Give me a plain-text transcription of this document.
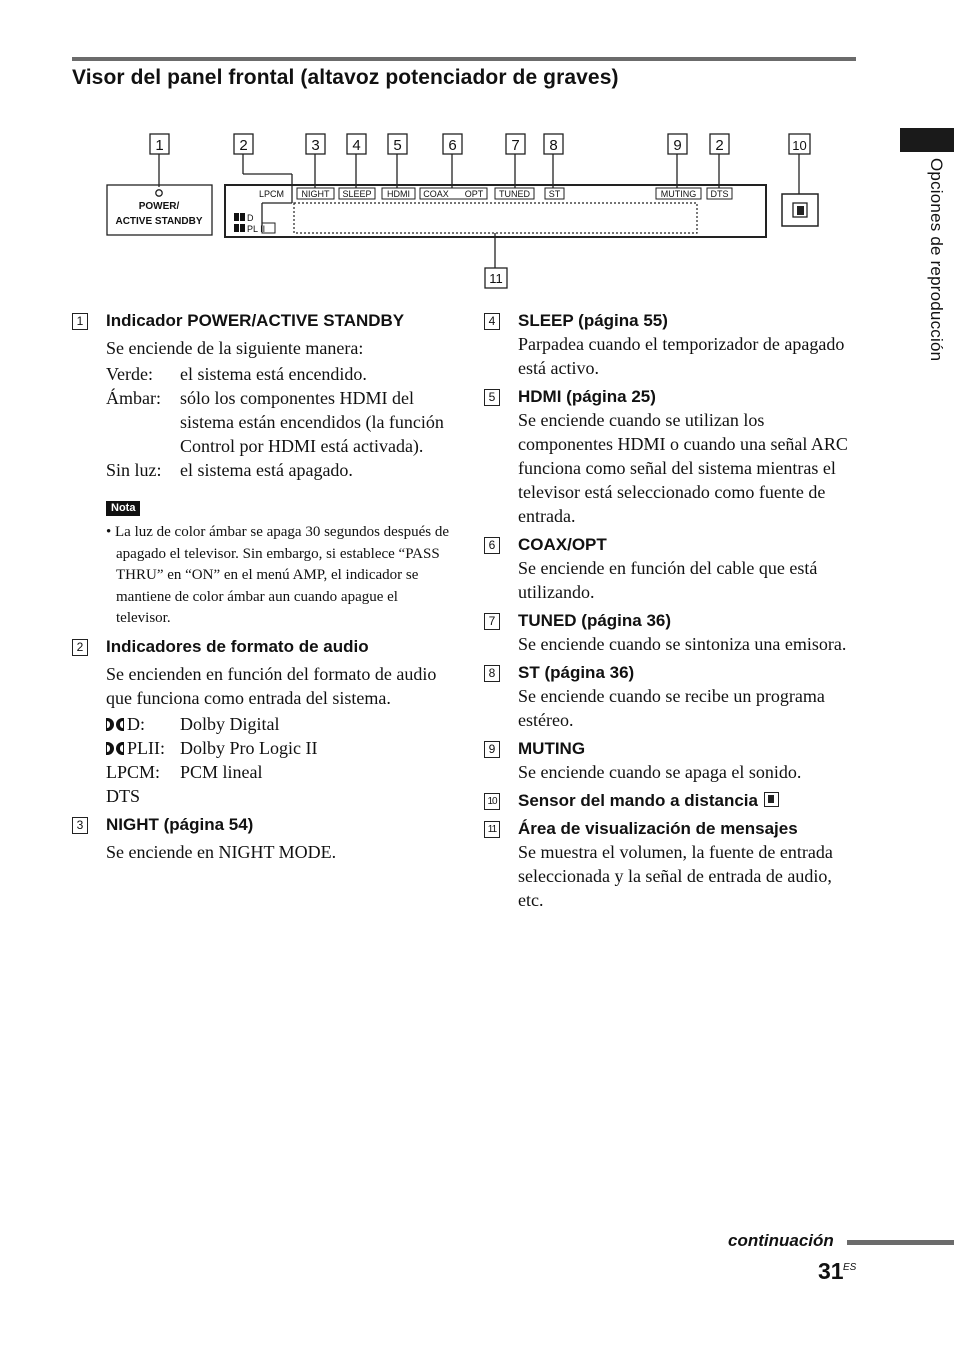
Visor del panel frontal (altavoz potenciador de graves)
Opciones de reproducción
1	2	3 4 5	6	7 8	9 2	10
POWER/
ACTIVE STANDBY
LPCM NIGHT SLEEP HDMI COAX OPT TUNED ST	MUTING DTS
D
PL II
11
1 Indicador POWER/ACTIVE STANDBY
Se enciende de la siguiente manera:
Verde:	el sistema está encendido.
Ámbar:	sólo los componentes HDMI del sistema están encendidos (la función Control por HDMI está activada).
Sin luz:	el sistema está apagado.
Nota
• La luz de color ámbar se apaga 30 segundos después de apagado el televisor. Sin embargo, si establece “PASS THRU” en “ON” en el menú AMP, el indicador se mantiene de color ámbar aun cuando apague el televisor.
2 Indicadores de formato de audio
Se encienden en función del formato de audio que funciona como entrada del sistema.
D:	Dolby Digital
PLII: Dolby Pro Logic II
LPCM:	PCM lineal
DTS
3 NIGHT (página 54)
Se enciende en NIGHT MODE.
4 SLEEP (página 55)
Parpadea cuando el temporizador de apagado está activo.
5 HDMI (página 25)
Se enciende cuando se utilizan los componentes HDMI o cuando una señal ARC funciona como señal del sistema mientras el televisor está seleccionado como fuente de entrada.
6 COAX/OPT
Se enciende en función del cable que está utilizando.
7 TUNED (página 36)
Se enciende cuando se sintoniza una emisora.
8 ST (página 36)
Se enciende cuando se recibe un programa estéreo.
9 MUTING
Se enciende cuando se apaga el sonido.
10 Sensor del mando a distancia
11 Área de visualización de mensajes
Se muestra el volumen, la fuente de entrada seleccionada y la señal de entrada de audio, etc.
continuación
31 ES
